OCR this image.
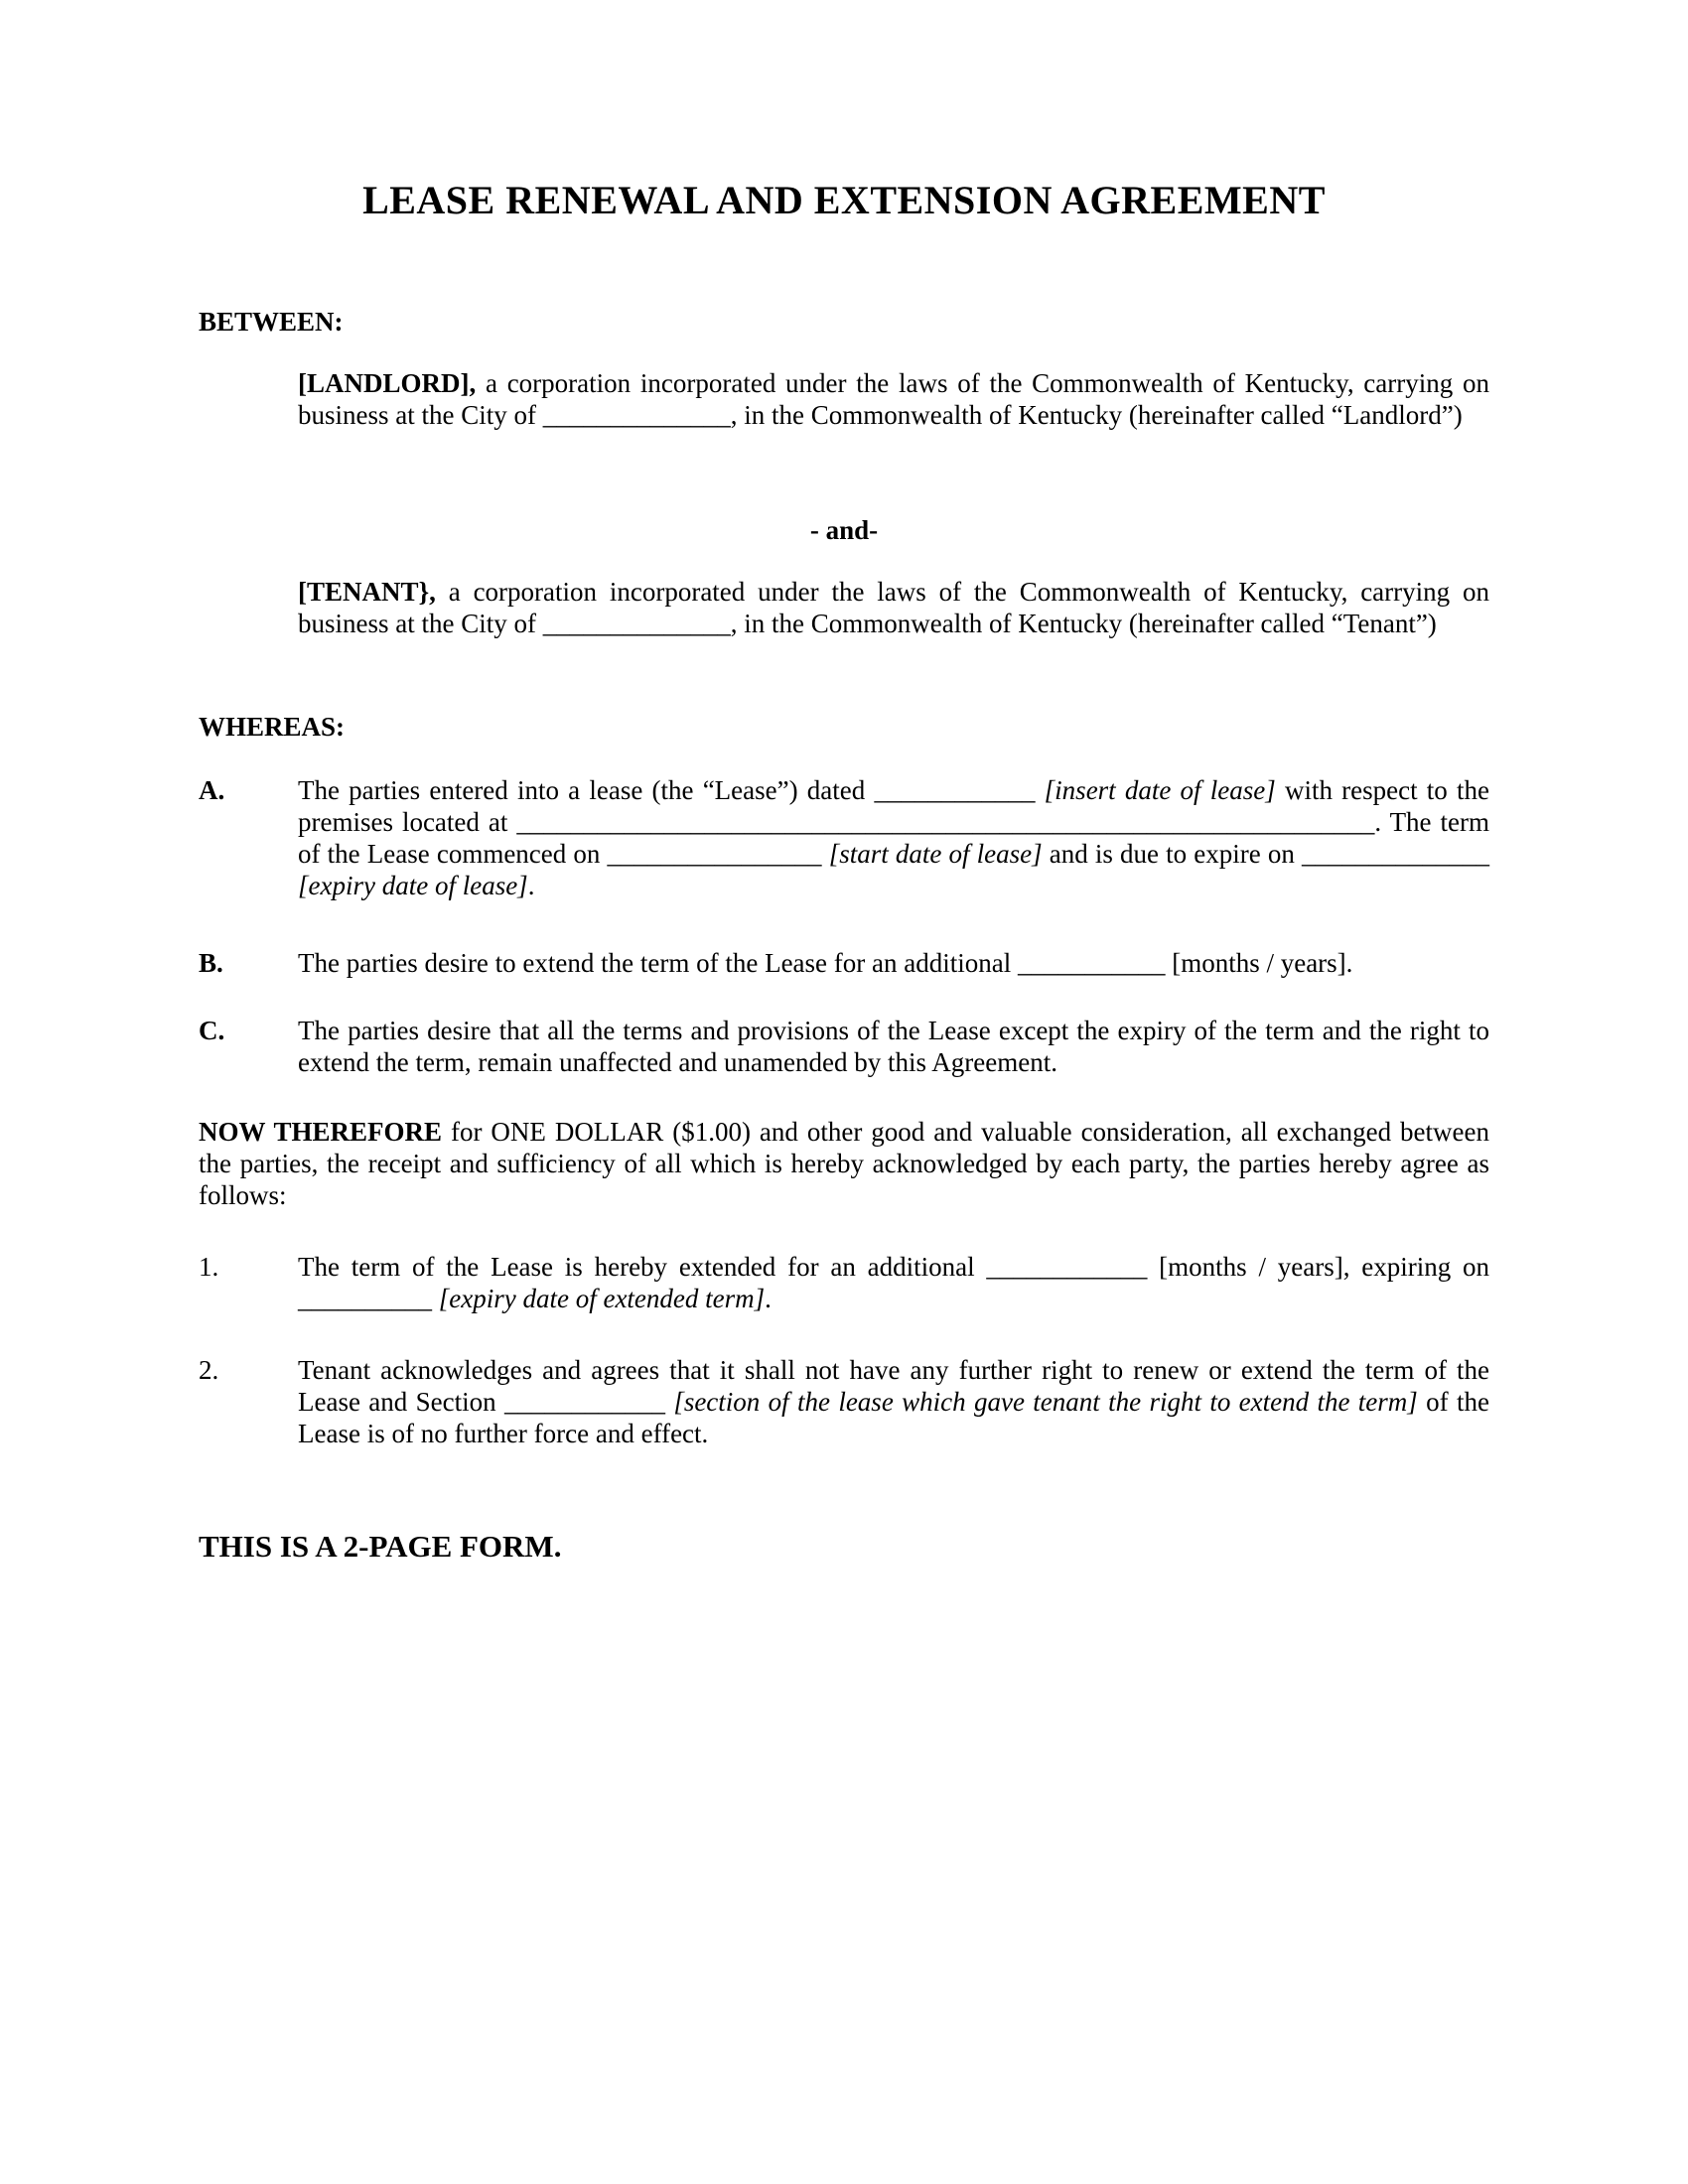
LEASE RENEWAL AND EXTENSION AGREEMENT

BETWEEN:

[LANDLORD], a corporation incorporated under the laws of the Commonwealth of Kentucky, carrying on business at the City of ______________, in the Commonwealth of Kentucky (hereinafter called “Landlord”)

- and-

[TENANT}, a corporation incorporated under the laws of the Commonwealth of Kentucky, carrying on business at the City of ______________, in the Commonwealth of Kentucky (hereinafter called “Tenant”)

WHEREAS:

A.	The parties entered into a lease (the “Lease”) dated ____________ [insert date of lease] with respect to the premises located at ________________________________________________________________. The term of the Lease commenced on ________________ [start date of lease] and is due to expire on ______________ [expiry date of lease].

B.	The parties desire to extend the term of the Lease for an additional ___________ [months / years].

C.	The parties desire that all the terms and provisions of the Lease except the expiry of the term and the right to extend the term, remain unaffected and unamended by this Agreement.

NOW THEREFORE for ONE DOLLAR ($1.00) and other good and valuable consideration, all exchanged between the parties, the receipt and sufficiency of all which is hereby acknowledged by each party, the parties hereby agree as follows:

1.	The term of the Lease is hereby extended for an additional ____________ [months / years], expiring on __________ [expiry date of extended term].

2.	Tenant acknowledges and agrees that it shall not have any further right to renew or extend the term of the Lease and Section ____________ [section of the lease which gave tenant the right to extend the term] of the Lease is of no further force and effect.

THIS IS A 2-PAGE FORM.
